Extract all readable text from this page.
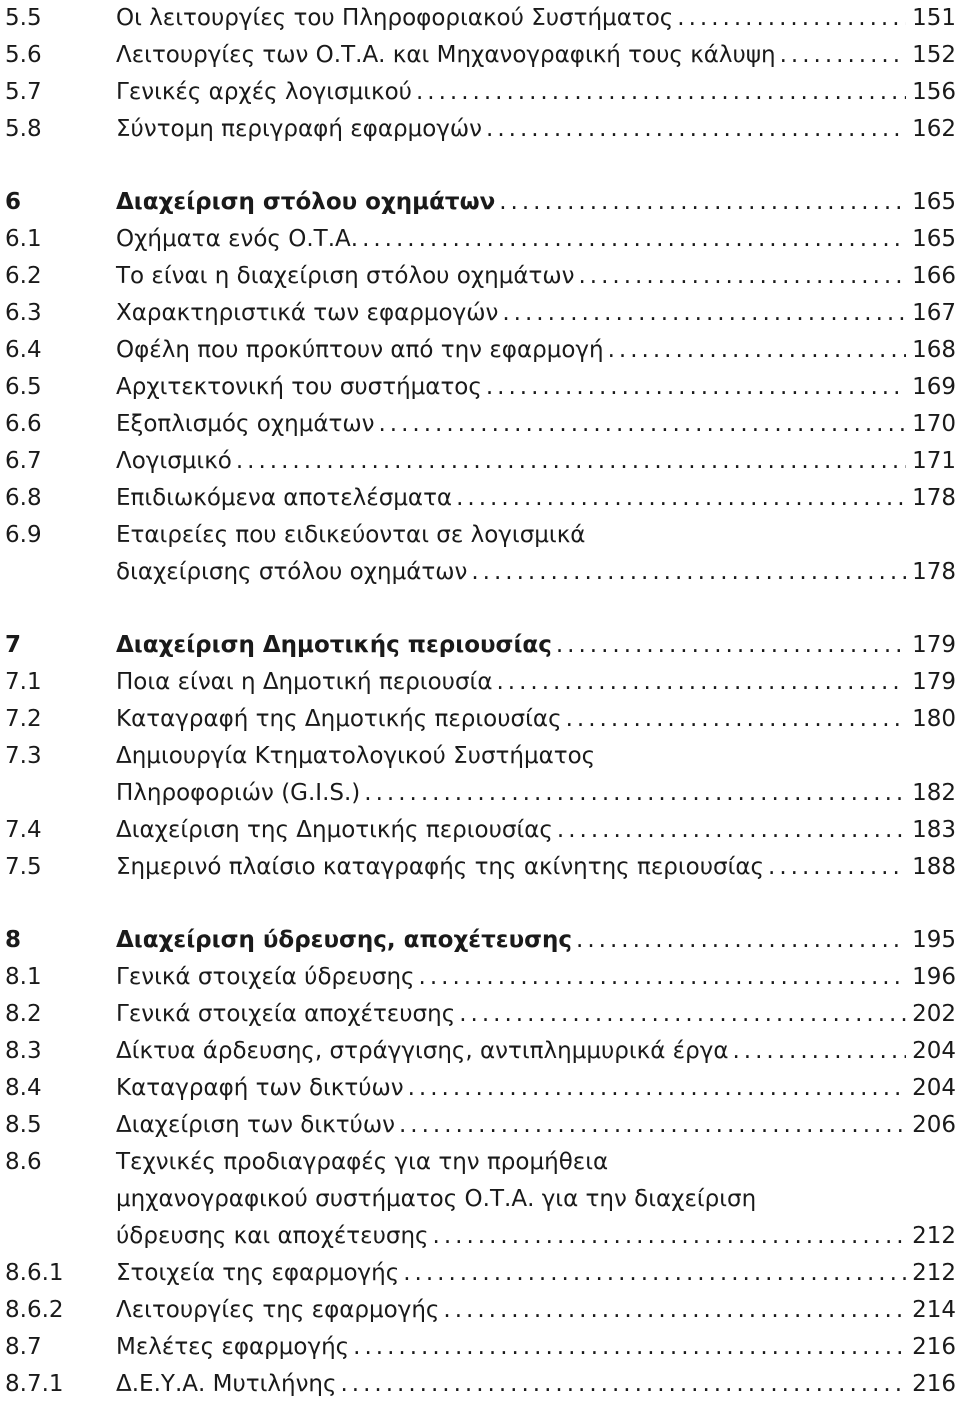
5.5	Οι λειτουργίες του Πληροφοριακού Συστήματος .....	151
5.6	Λειτουργίες των Ο.Τ.Α. και Μηχανογραφική τους κάλυψη .....	152
5.7	Γενικές αρχές λογισμικού .....	156
5.8	Σύντομη περιγραφή εφαρμογών .....	162
6	Διαχείριση στόλου οχημάτων .....	165
6.1	Οχήματα ενός Ο.Τ.Α. .....	165
6.2	Το είναι η διαχείριση στόλου οχημάτων .....	166
6.3	Χαρακτηριστικά των εφαρμογών .....	167
6.4	Οφέλη που προκύπτουν από την εφαρμογή .....	168
6.5	Αρχιτεκτονική του συστήματος .....	169
6.6	Εξοπλισμός οχημάτων .....	170
6.7	Λογισμικό .....	171
6.8	Επιδιωκόμενα αποτελέσματα .....	178
6.9	Εταιρείες που ειδικεύονται σε λογισμικά
διαχείρισης στόλου οχημάτων .....	178
7	Διαχείριση Δημοτικής περιουσίας .....	179
7.1	Ποια είναι η Δημοτική περιουσία .....	179
7.2	Καταγραφή της Δημοτικής περιουσίας .....	180
7.3	Δημιουργία Κτηματολογικού Συστήματος
Πληροφοριών (G.I.S.) .....	182
7.4	Διαχείριση της Δημοτικής περιουσίας .....	183
7.5	Σημερινό πλαίσιο καταγραφής της ακίνητης περιουσίας .....	188
8	Διαχείριση ύδρευσης, αποχέτευσης .....	195
8.1	Γενικά στοιχεία ύδρευσης .....	196
8.2	Γενικά στοιχεία αποχέτευσης .....	202
8.3	Δίκτυα άρδευσης, στράγγισης, αντιπλημμυρικά έργα .....	204
8.4	Καταγραφή των δικτύων .....	204
8.5	Διαχείριση των δικτύων .....	206
8.6	Τεχνικές προδιαγραφές για την προμήθεια
μηχανογραφικού συστήματος Ο.Τ.Α. για την διαχείριση
ύδρευσης και αποχέτευσης .....	212
8.6.1 Στοιχεία της εφαρμογής .....	212
8.6.2 Λειτουργίες της εφαρμογής .....	214
8.7	Μελέτες εφαρμογής .....	216
8.7.1 Δ.Ε.Υ.Α. Μυτιλήνης .....	216
